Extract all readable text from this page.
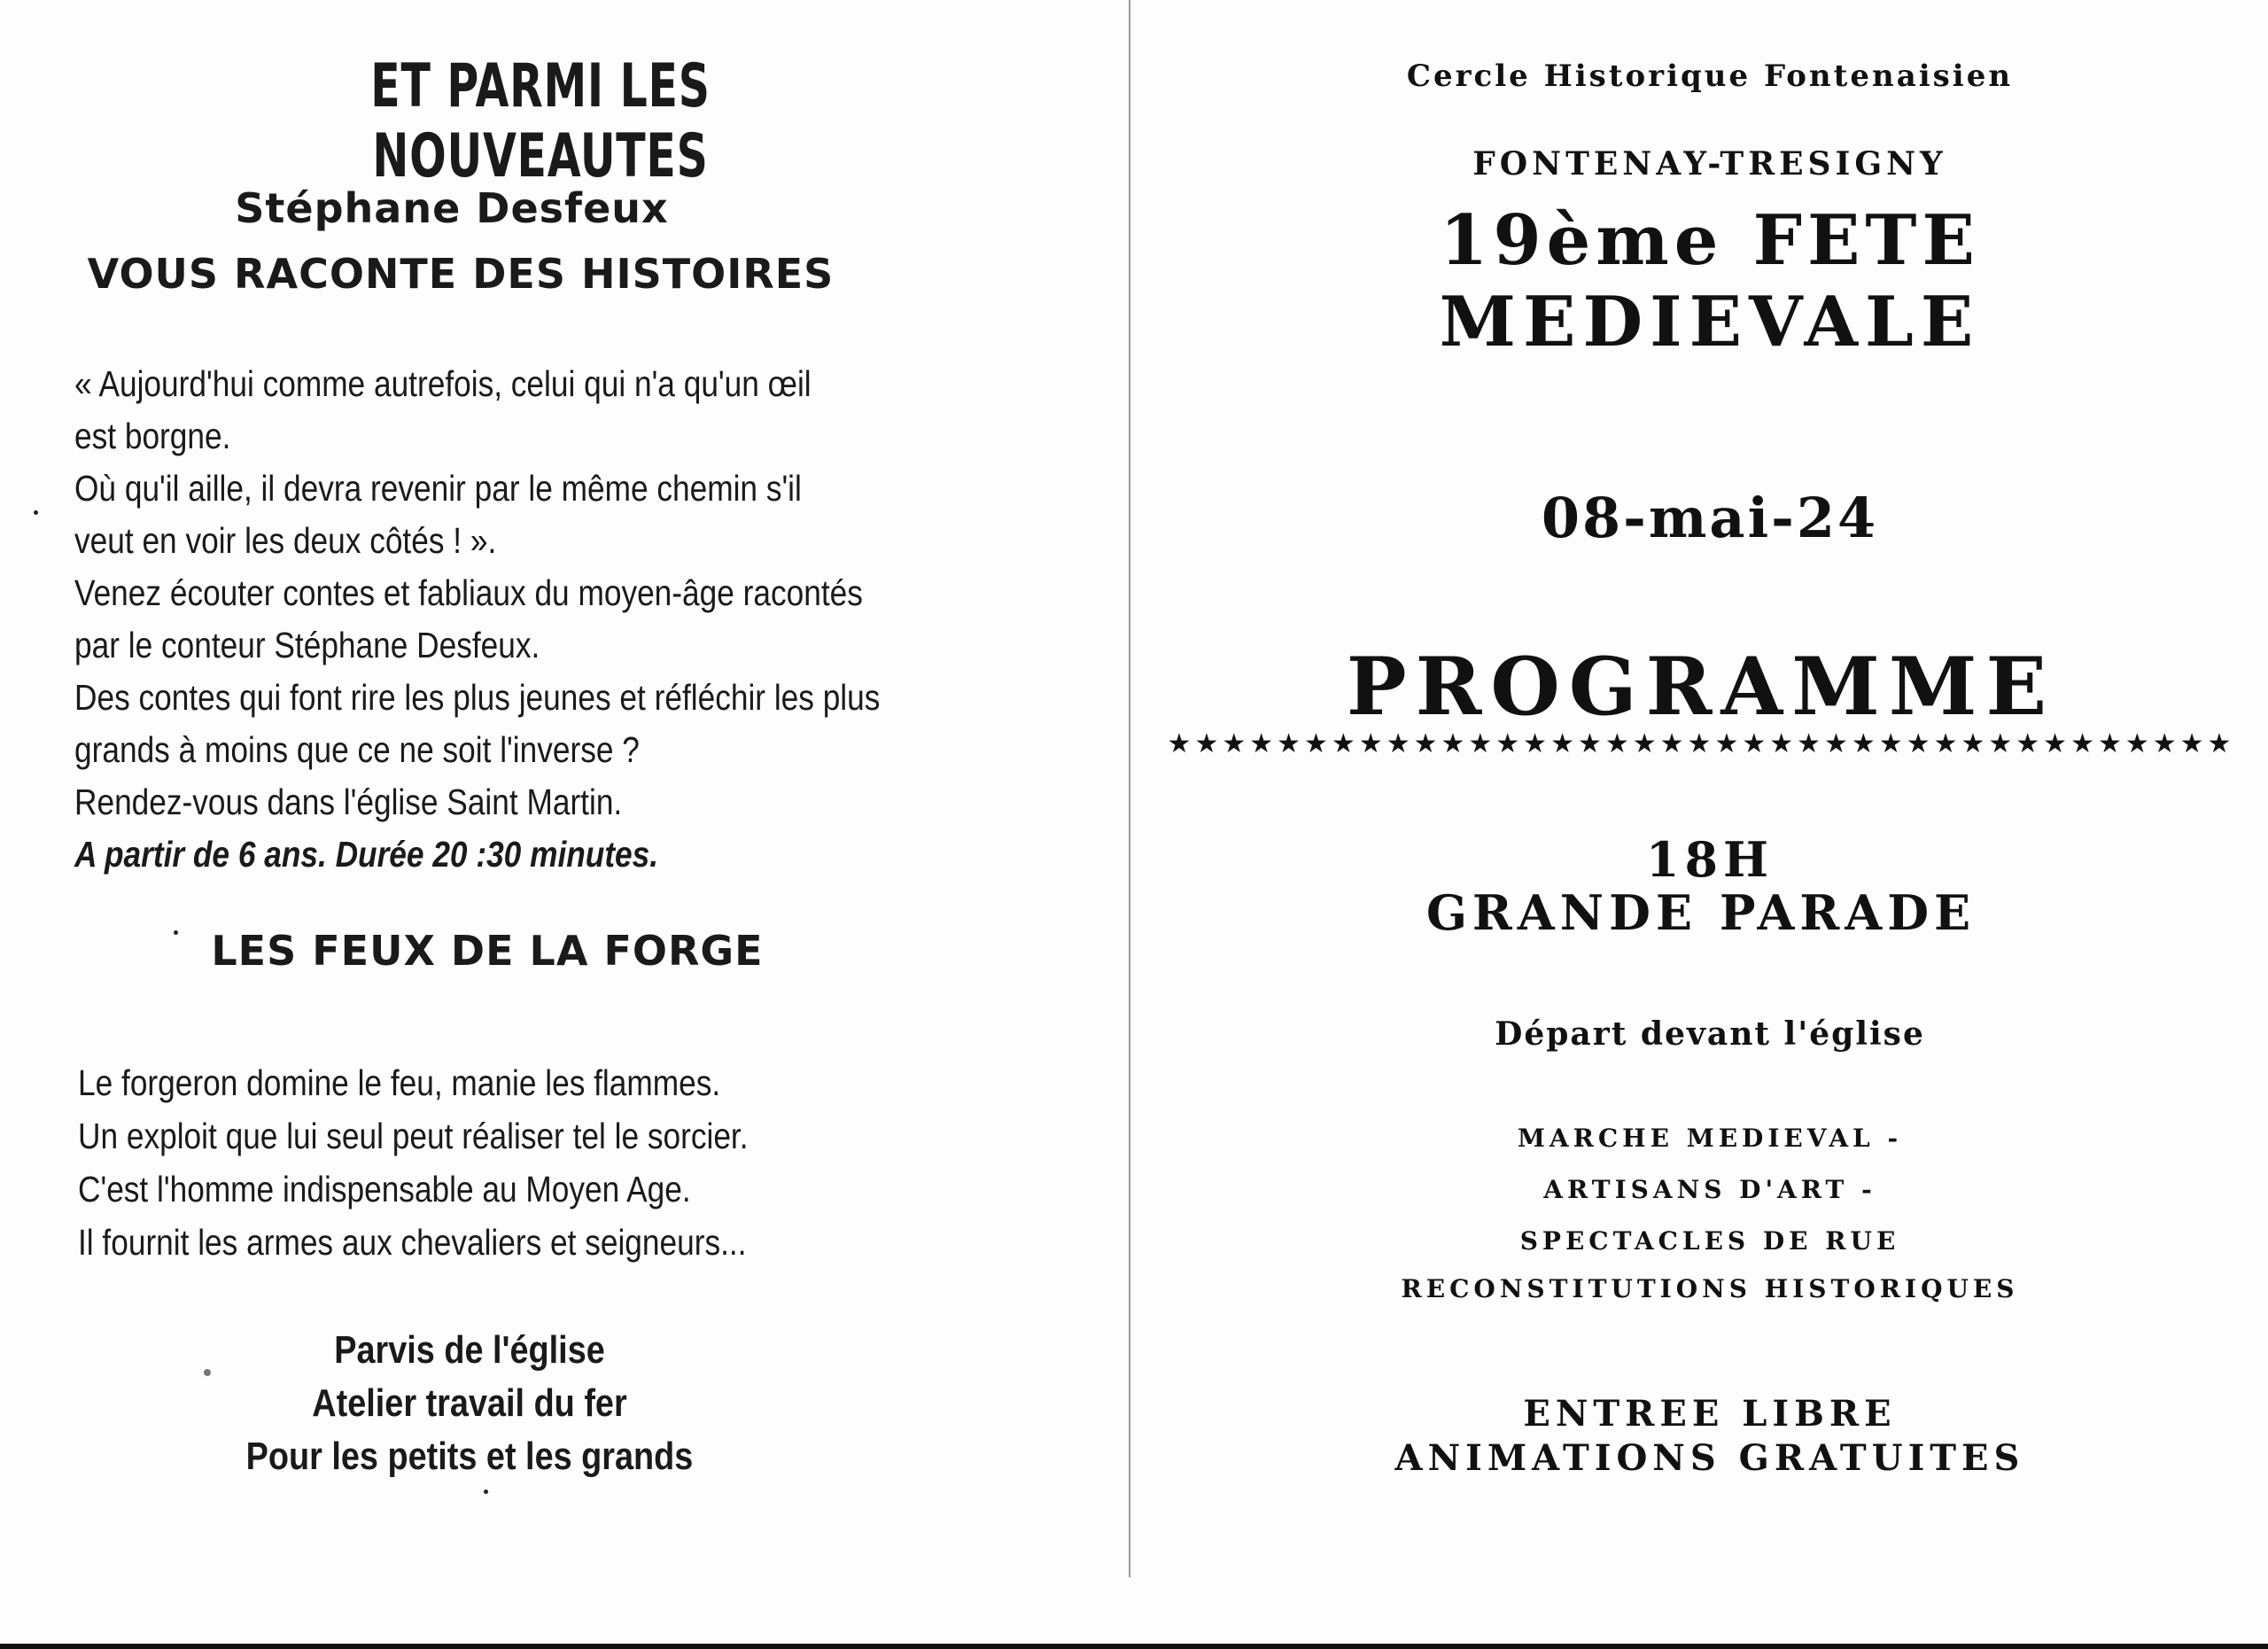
ET PARMI LES NOUVEAUTES
Stéphane Desfeux
VOUS RACONTE DES HISTOIRES

« Aujourd'hui comme autrefois, celui qui n'a qu'un œil

est borgne.

Où qu'il aille, il devra revenir par le même chemin s'il

veut en voir les deux côtés ! ».

Venez écouter contes et fabliaux du moyen-âge racontés

par le conteur Stéphane Desfeux.

Des contes qui font rire les plus jeunes et réfléchir les plus

grands à moins que ce ne soit l'inverse ?

Rendez-vous dans l'église Saint Martin.

A partir de 6 ans. Durée 20 :30 minutes.

LES FEUX DE LA FORGE

Le forgeron domine le feu, manie les flammes.

Un exploit que lui seul peut réaliser tel le sorcier.

C'est l'homme indispensable au Moyen Age.

Il fournit les armes aux chevaliers et seigneurs...

Parvis de l'église
Atelier travail du fer
Pour les petits et les grands
Cercle Historique Fontenaisien
FONTENAY-TRESIGNY
19ème FETE
MEDIEVALE
08-mai-24
PROGRAMME
★★★★★★★★★★★★★★★★★★★★★★★★★★★★★★★★★★★★★★★
18H
GRANDE PARADE
Départ devant l'église
MARCHE MEDIEVAL -
ARTISANS D'ART -
SPECTACLES DE RUE
RECONSTITUTIONS HISTORIQUES
ENTREE LIBRE
ANIMATIONS GRATUITES
